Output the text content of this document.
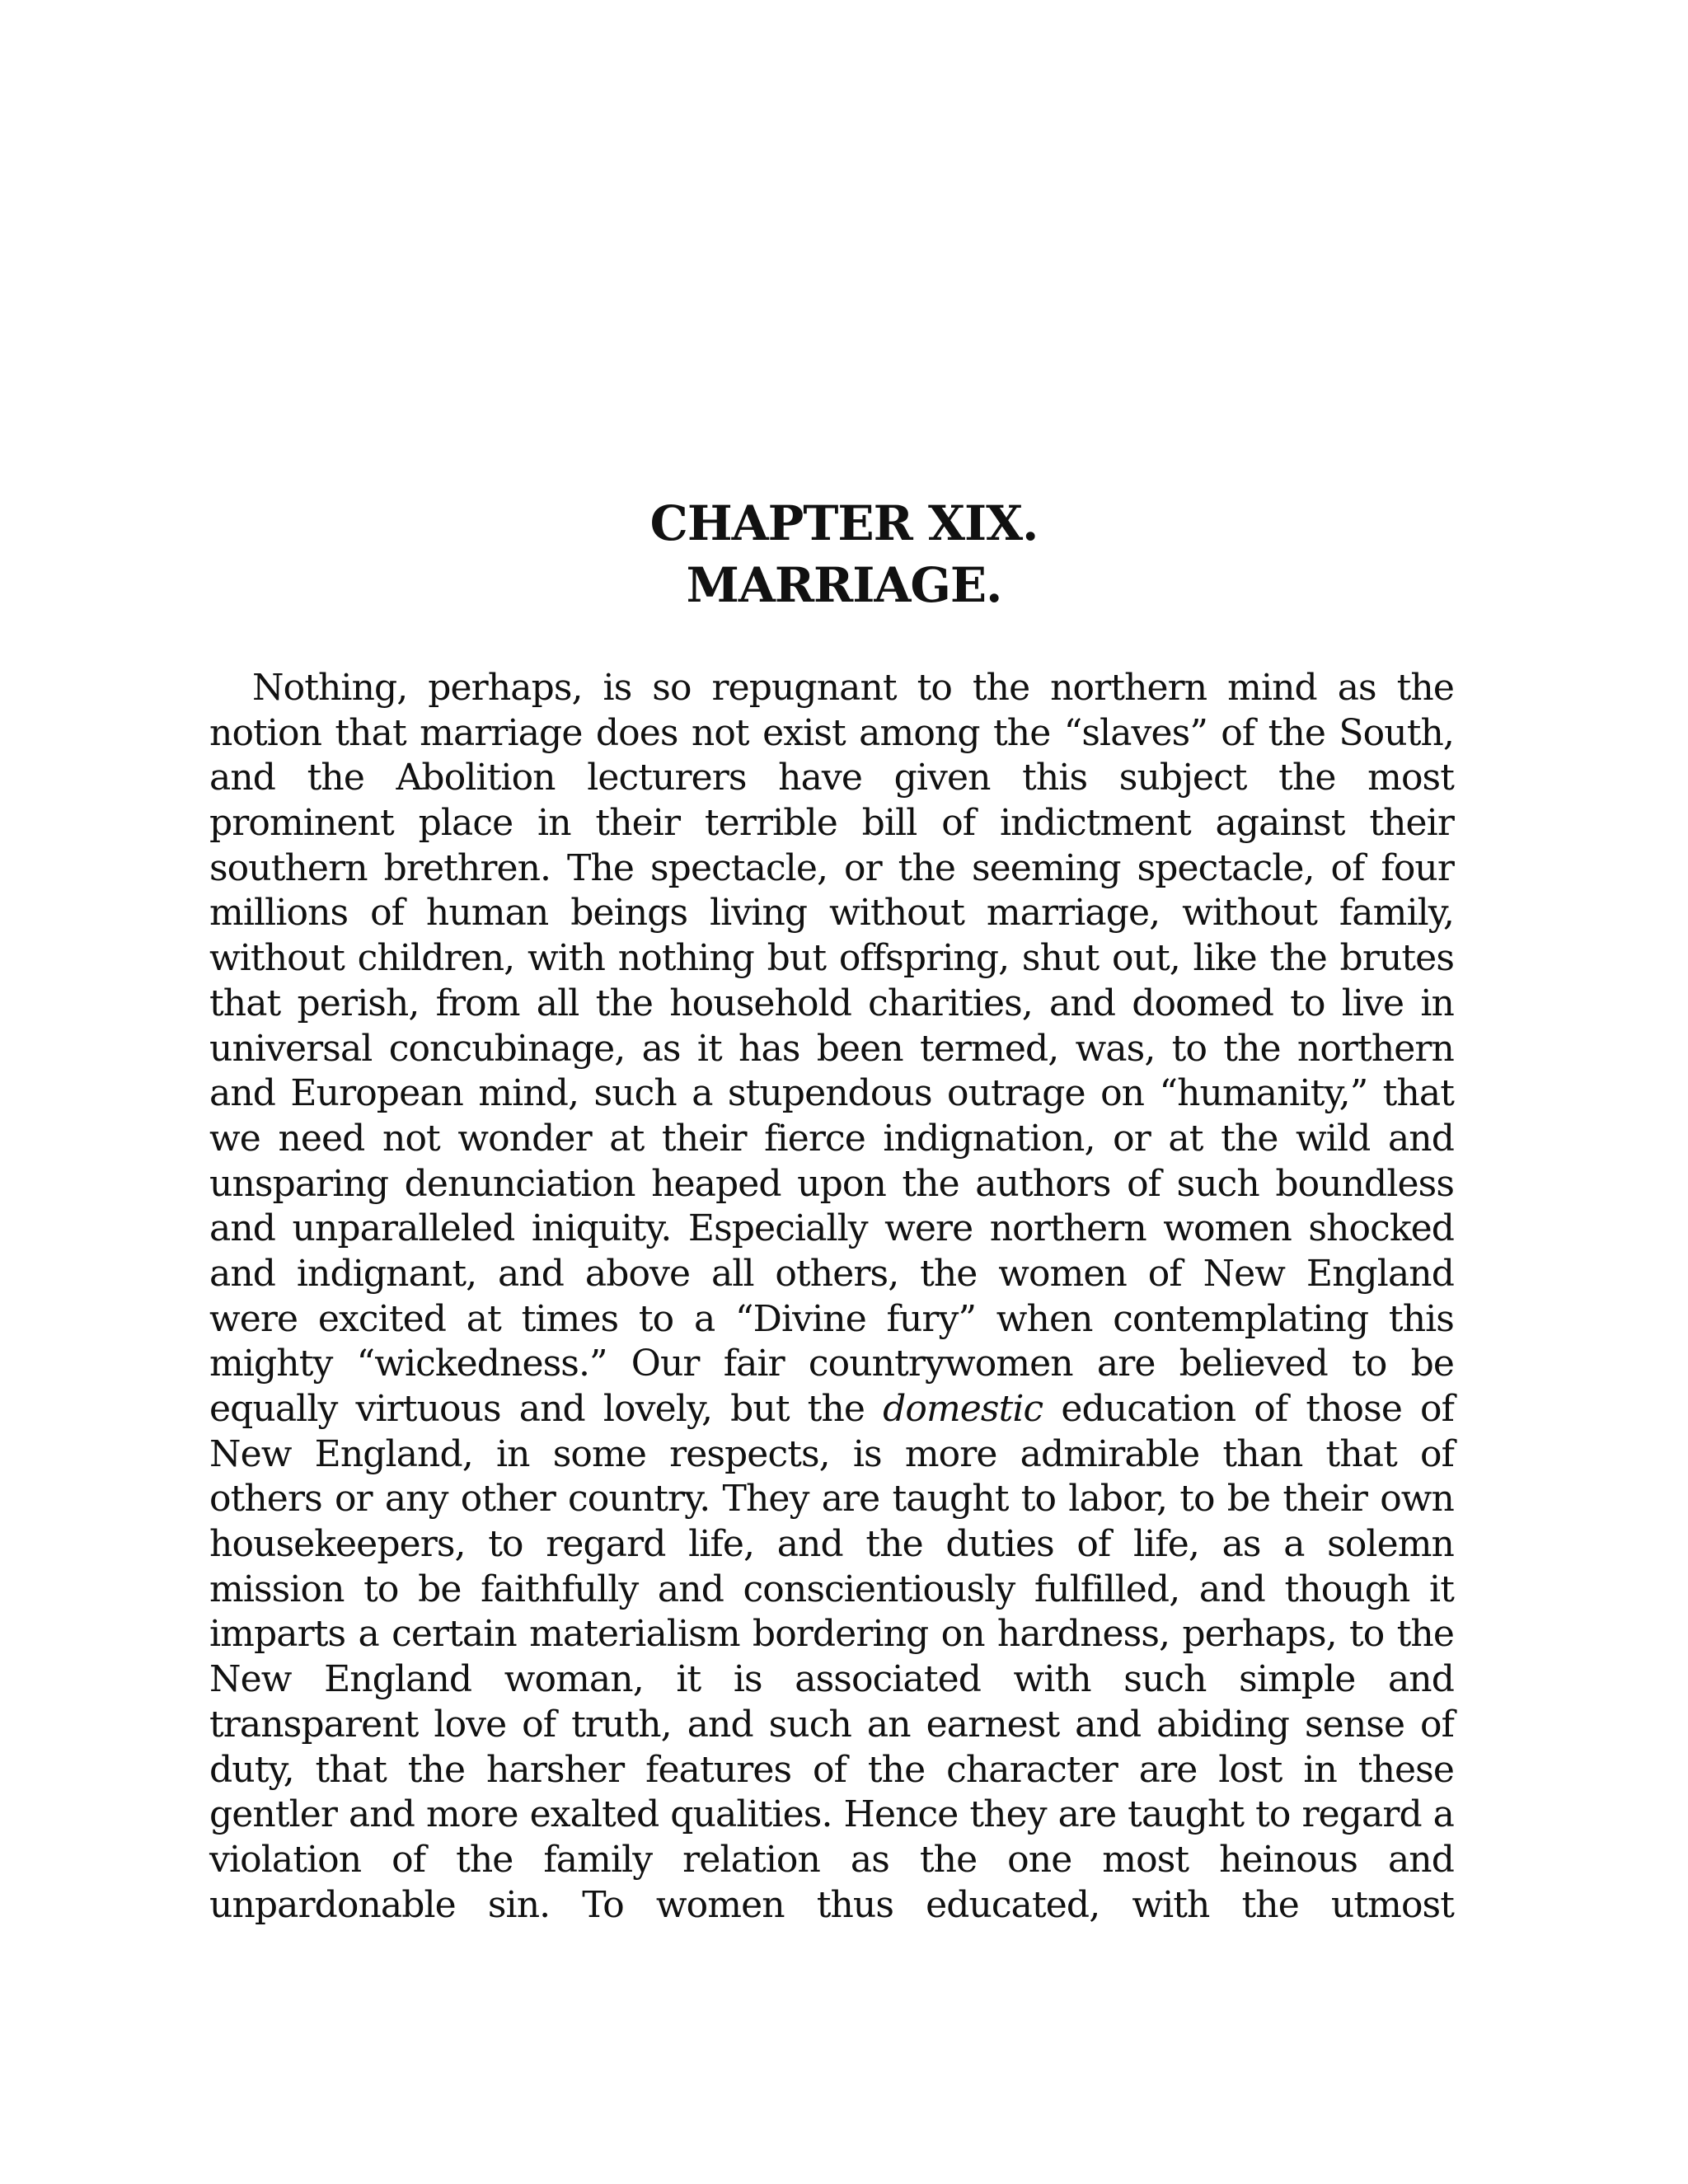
CHAPTER XIX.
MARRIAGE.
Nothing, perhaps, is so repugnant to the northern mind as the
notion that marriage does not exist among the “slaves” of the South,
and the Abolition lecturers have given this subject the most
prominent place in their terrible bill of indictment against their
southern brethren. The spectacle, or the seeming spectacle, of four
millions of human beings living without marriage, without family,
without children, with nothing but offspring, shut out, like the brutes
that perish, from all the household charities, and doomed to live in
universal concubinage, as it has been termed, was, to the northern
and European mind, such a stupendous outrage on “humanity,” that
we need not wonder at their fierce indignation, or at the wild and
unsparing denunciation heaped upon the authors of such boundless
and unparalleled iniquity. Especially were northern women shocked
and indignant, and above all others, the women of New England
were excited at times to a “Divine fury” when contemplating this
mighty “wickedness.” Our fair countrywomen are believed to be
equally virtuous and lovely, but the domestic education of those of
New England, in some respects, is more admirable than that of
others or any other country. They are taught to labor, to be their own
housekeepers, to regard life, and the duties of life, as a solemn
mission to be faithfully and conscientiously fulfilled, and though it
imparts a certain materialism bordering on hardness, perhaps, to the
New England woman, it is associated with such simple and
transparent love of truth, and such an earnest and abiding sense of
duty, that the harsher features of the character are lost in these
gentler and more exalted qualities. Hence they are taught to regard a
violation of the family relation as the one most heinous and
unpardonable sin. To women thus educated, with the utmost
